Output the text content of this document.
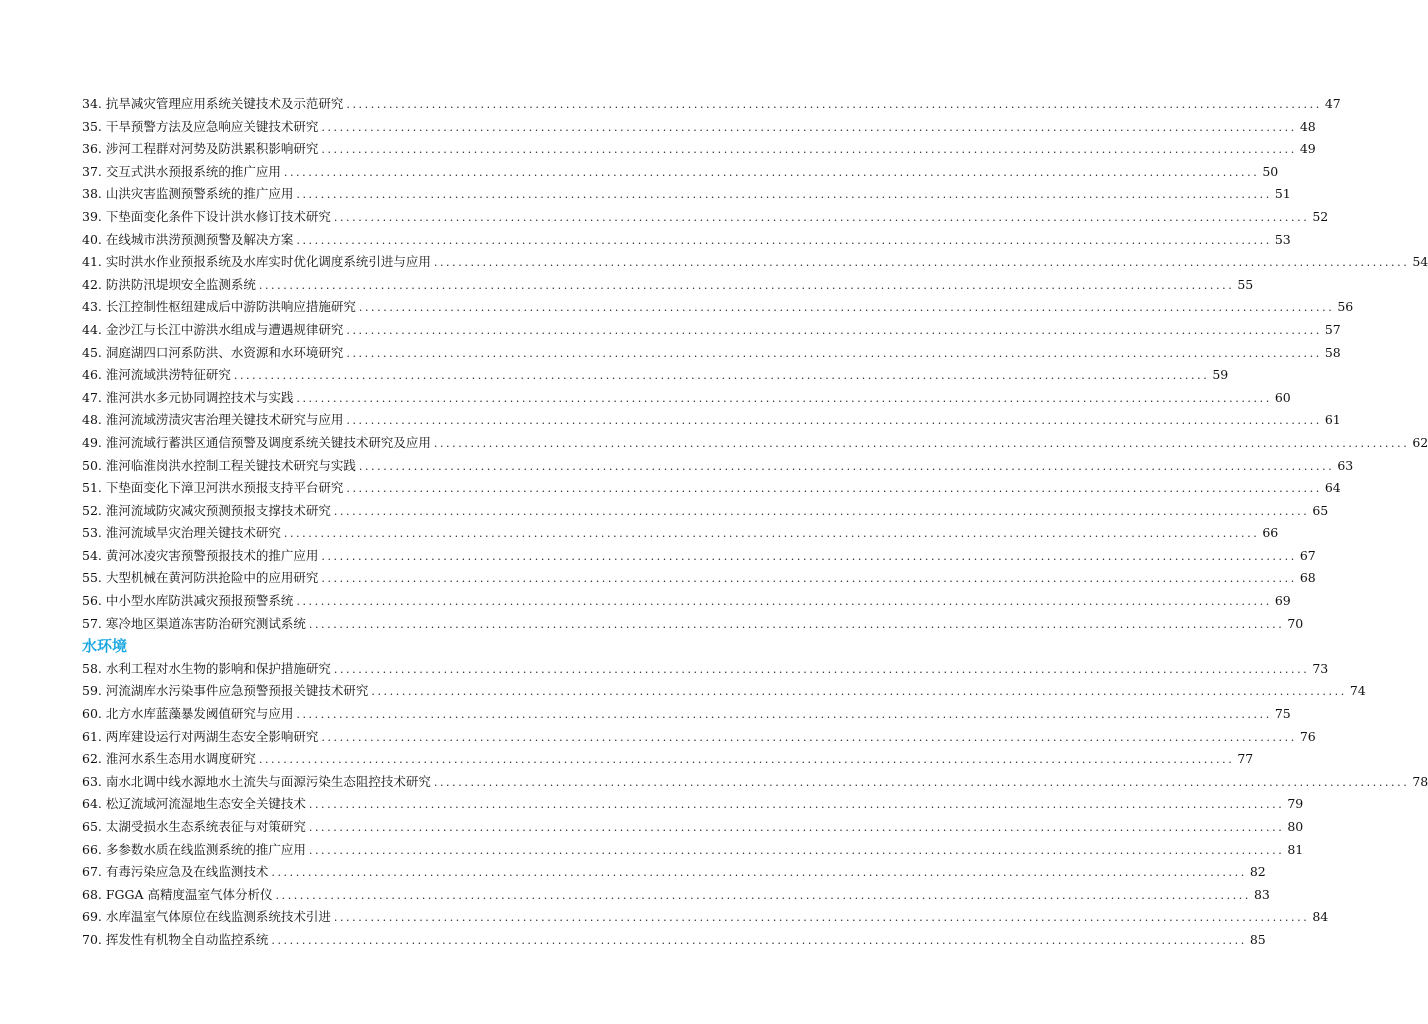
34. 抗旱减灾管理应用系统关键技术及示范研究 ................................................................................................................................................................ 47
35. 干旱预警方法及应急响应关键技术研究 ................................................................................................................................................................ 48
36. 涉河工程群对河势及防洪累积影响研究 ................................................................................................................................................................ 49
37. 交互式洪水预报系统的推广应用 ................................................................................................................................................................ 50
38. 山洪灾害监测预警系统的推广应用 ................................................................................................................................................................ 51
39. 下垫面变化条件下设计洪水修订技术研究 ................................................................................................................................................................ 52
40. 在线城市洪涝预测预警及解决方案 ................................................................................................................................................................ 53
41. 实时洪水作业预报系统及水库实时优化调度系统引进与应用 ................................................................................................................................................................ 54
42. 防洪防汛堤坝安全监测系统 ................................................................................................................................................................ 55
43. 长江控制性枢纽建成后中游防洪响应措施研究 ................................................................................................................................................................ 56
44. 金沙江与长江中游洪水组成与遭遇规律研究 ................................................................................................................................................................ 57
45. 洞庭湖四口河系防洪、水资源和水环境研究 ................................................................................................................................................................ 58
46. 淮河流域洪涝特征研究 ................................................................................................................................................................ 59
47. 淮河洪水多元协同调控技术与实践 ................................................................................................................................................................ 60
48. 淮河流域涝渍灾害治理关键技术研究与应用 ................................................................................................................................................................ 61
49. 淮河流域行蓄洪区通信预警及调度系统关键技术研究及应用 ................................................................................................................................................................ 62
50. 淮河临淮岗洪水控制工程关键技术研究与实践 ................................................................................................................................................................ 63
51. 下垫面变化下漳卫河洪水预报支持平台研究 ................................................................................................................................................................ 64
52. 淮河流域防灾减灾预测预报支撑技术研究 ................................................................................................................................................................ 65
53. 淮河流域旱灾治理关键技术研究 ................................................................................................................................................................ 66
54. 黄河冰凌灾害预警预报技术的推广应用 ................................................................................................................................................................ 67
55. 大型机械在黄河防洪抢险中的应用研究 ................................................................................................................................................................ 68
56. 中小型水库防洪减灾预报预警系统 ................................................................................................................................................................ 69
57. 寒冷地区渠道冻害防治研究测试系统 ................................................................................................................................................................ 70
水环境
58. 水利工程对水生物的影响和保护措施研究 ................................................................................................................................................................ 73
59. 河流湖库水污染事件应急预警预报关键技术研究 ................................................................................................................................................................ 74
60. 北方水库蓝藻暴发阈值研究与应用 ................................................................................................................................................................ 75
61. 两库建设运行对两湖生态安全影响研究 ................................................................................................................................................................ 76
62. 淮河水系生态用水调度研究 ................................................................................................................................................................ 77
63. 南水北调中线水源地水土流失与面源污染生态阻控技术研究 ................................................................................................................................................................ 78
64. 松辽流域河流湿地生态安全关键技术 ................................................................................................................................................................ 79
65. 太湖受损水生态系统表征与对策研究 ................................................................................................................................................................ 80
66. 多参数水质在线监测系统的推广应用 ................................................................................................................................................................ 81
67. 有毒污染应急及在线监测技术 ................................................................................................................................................................ 82
68. FGGA 高精度温室气体分析仪 ................................................................................................................................................................ 83
69. 水库温室气体原位在线监测系统技术引进 ................................................................................................................................................................ 84
70. 挥发性有机物全自动监控系统 ................................................................................................................................................................ 85
